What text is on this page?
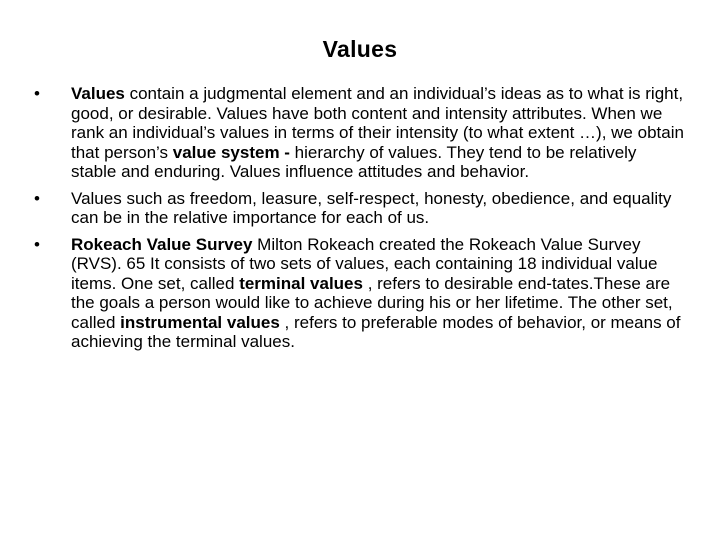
Values
• Values contain a judgmental element and an individual’s ideas as to what is right, good, or desirable. Values have both content and intensity attributes. When we rank an individual’s values in terms of their intensity (to what extent …), we obtain that person’s value system - hierarchy of values. They tend to be relatively stable and enduring. Values influence attitudes and behavior.
• Values such as freedom, leasure, self-respect, honesty, obedience, and equality can be in the relative importance for each of us.
• Rokeach Value Survey Milton Rokeach created the Rokeach Value Survey (RVS). 65 It consists of two sets of values, each containing 18 individual value items. One set, called terminal values , refers to desirable end-tates.These are the goals a person would like to achieve during his or her lifetime. The other set, called instrumental values , refers to preferable modes of behavior, or means of achieving the terminal values.
